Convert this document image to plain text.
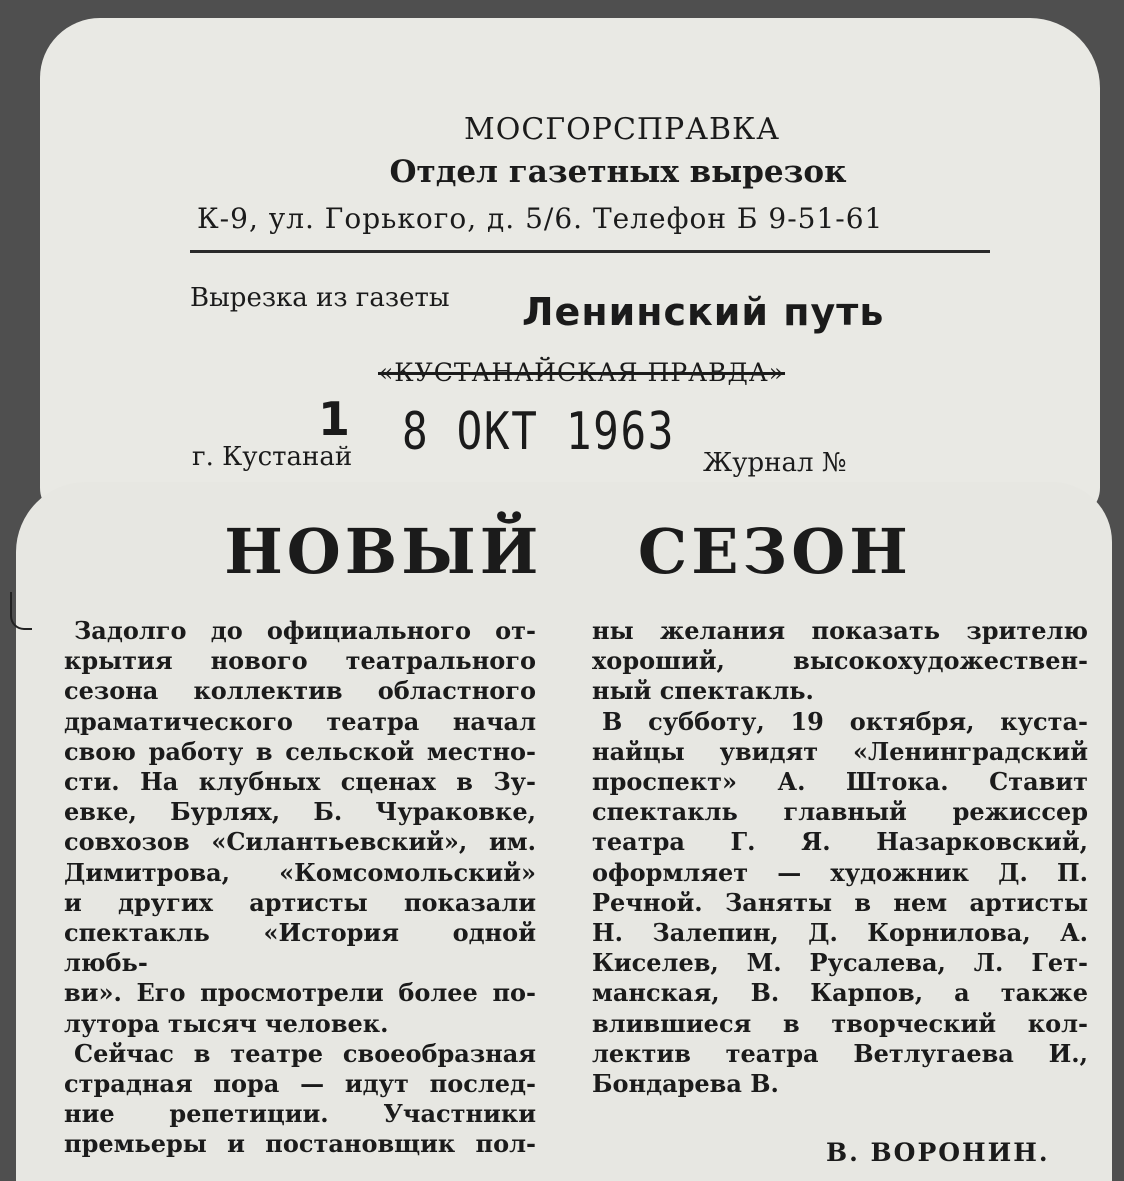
МОСГОРСПРАВКА
Отдел газетных вырезок
К-9, ул. Горького, д. 5/6. Телефон Б 9-51-61
Вырезка из газеты Ленинский путь
«КУСТАНАЙСКАЯ ПРАВДА»
1 8 ОКТ 1963
г. Кустанай	Журнал №
НОВЫЙ СЕЗОН

Задолго до официального от-

крытия нового театрального

сезона коллектив областного

драматического театра начал

свою работу в сельской местно-

сти. На клубных сценах в Зу-

евке, Бурлях, Б. Чураковке,

совхозов «Силантьевский», им.

Димитрова, «Комсомольский»

и других артисты показали

спектакль «История одной любь-

ви». Его просмотрели более по-

лутора тысяч человек.

Сейчас в театре своеобразная

страдная пора — идут послед-

ние репетиции. Участники

премьеры и постановщик пол-

ны желания показать зрителю

хороший, высокохудожествен-

ный спектакль.

В субботу, 19 октября, куста-

найцы увидят «Ленинградский

проспект» А. Штока. Ставит

спектакль главный режиссер

театра Г. Я. Назарковский,

оформляет — художник Д. П.

Речной. Заняты в нем артисты

Н. Залепин, Д. Корнилова, А.

Киселев, М. Русалева, Л. Гет-

манская, В. Карпов, а также

влившиеся в творческий кол-

лектив театра Ветлугаева И.,

Бондарева В.

В. ВОРОНИН.
